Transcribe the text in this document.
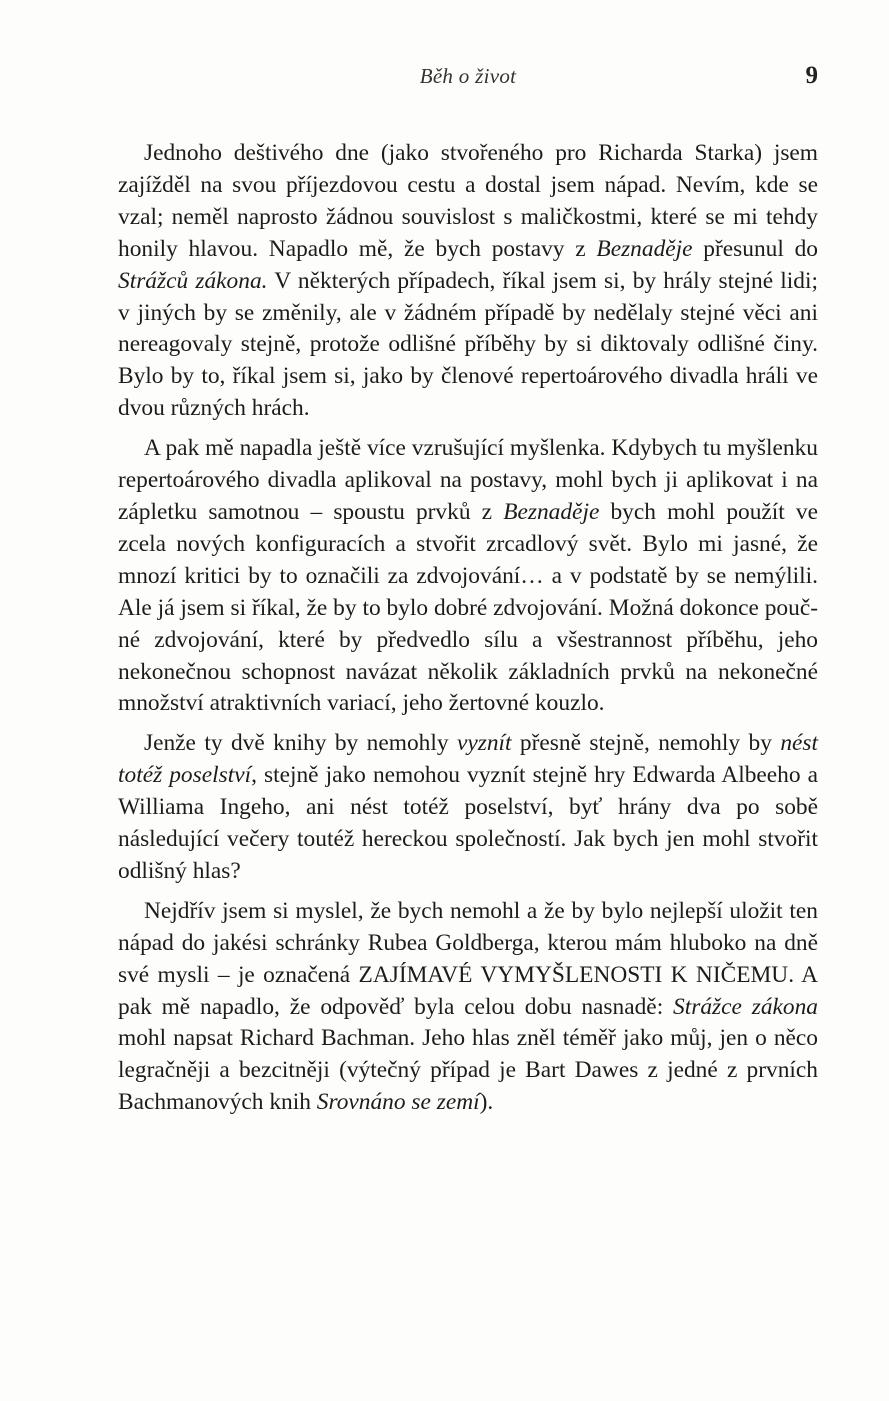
Běh o život	9

Jednoho deštivého dne (jako stvořeného pro Richarda Starka) jsem zajížděl na svou příjezdovou cestu a dostal jsem nápad. Nevím, kde se vzal; neměl naprosto žádnou souvislost s maličkostmi, které se mi tehdy honily hlavou. Napadlo mě, že bych postavy z Beznaděje přesunul do Strážců zákona. V některých případech, říkal jsem si, by hrály stejné lidi; v jiných by se změnily, ale v žádném případě by nedělaly stejné věci ani nereagovaly stejně, protože odlišné příběhy by si diktovaly odlišné činy. Bylo by to, říkal jsem si, jako by členové repertoárového divadla hráli ve dvou různých hrách.

A pak mě napadla ještě více vzrušující myšlenka. Kdybych tu myšlenku repertoárového divadla aplikoval na postavy, mohl bych ji aplikovat i na zápletku samotnou – spoustu prvků z Beznaděje bych mohl použít ve zcela nových konfiguracích a stvořit zrcadlový svět. Bylo mi jasné, že mnozí kritici by to označili za zdvojování… a v podstatě by se nemýlili. Ale já jsem si říkal, že by to bylo dobré zdvojování. Možná dokonce poučné zdvojování, které by předvedlo sílu a všestrannost příběhu, jeho nekonečnou schopnost navázat několik základních prvků na nekonečné množství atraktivních variací, jeho žertovné kouzlo.

Jenže ty dvě knihy by nemohly vyznít přesně stejně, nemohly by nést totéž poselství, stejně jako nemohou vyznít stejně hry Edwarda Albeeho a Williama Ingeho, ani nést totéž poselství, byť hrány dva po sobě následující večery toutéž hereckou společností. Jak bych jen mohl stvořit odlišný hlas?

Nejdřív jsem si myslel, že bych nemohl a že by bylo nejlepší uložit ten nápad do jakési schránky Rubea Goldberga, kterou mám hluboko na dně své mysli – je označená ZAJÍMAVÉ VYMYŠLENOSTI K NIČEMU. A pak mě napadlo, že odpověď byla celou dobu nasnadě: Strážce zákona mohl napsat Richard Bachman. Jeho hlas zněl téměř jako můj, jen o něco legračněji a bezcitněji (výtečný případ je Bart Dawes z jedné z prvních Bachmanových knih Srovnáno se zemí).
